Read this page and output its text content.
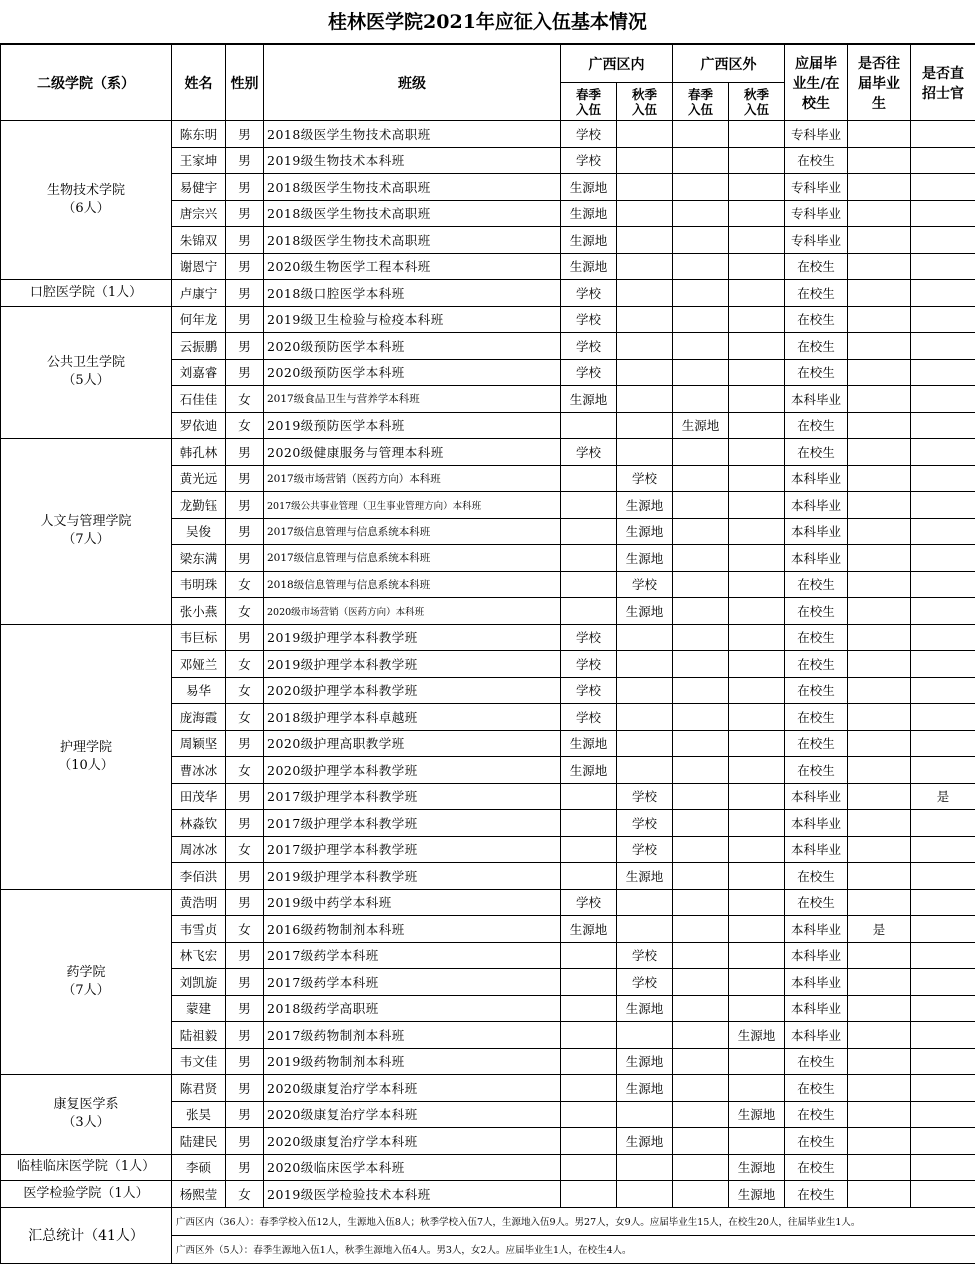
桂林医学院2021年应征入伍基本情况
二级学院（系）	姓名	性别	班级	广西区内		广西区外		应届毕业生/在校生	是否往届毕业生	是否直招士官
				春季入伍	秋季入伍	春季入伍	秋季入伍			

生物技术学院
（6人）	陈东明	男	2018级医学生物技术高职班	学校				专科毕业		
	王家坤	男	2019级生物技术本科班	学校				在校生		
	易健宇	男	2018级医学生物技术高职班	生源地				专科毕业		
	唐宗兴	男	2018级医学生物技术高职班	生源地				专科毕业		
	朱锦双	男	2018级医学生物技术高职班	生源地				专科毕业		
	谢恩宁	男	2020级生物医学工程本科班	生源地				在校生		

口腔医学院（1人）	卢康宁	男	2018级口腔医学本科班	学校				在校生		

公共卫生学院
（5人）	何年龙	男	2019级卫生检验与检疫本科班	学校				在校生		
	云振鹏	男	2020级预防医学本科班	学校				在校生		
	刘嘉睿	男	2020级预防医学本科班	学校				在校生		
	石佳佳	女	2017级食品卫生与营养学本科班	生源地				本科毕业		
	罗依迪	女	2019级预防医学本科班			生源地		在校生		

人文与管理学院
（7人）	韩孔林	男	2020级健康服务与管理本科班	学校				在校生		
	黄光远	男	2017级市场营销（医药方向）本科班		学校			本科毕业		
	龙勤钰	男	2017级公共事业管理（卫生事业管理方向）本科班		生源地			本科毕业		
	吴俊	男	2017级信息管理与信息系统本科班		生源地			本科毕业		
	梁东满	男	2017级信息管理与信息系统本科班		生源地			本科毕业		
	韦明珠	女	2018级信息管理与信息系统本科班		学校			在校生		
	张小燕	女	2020级市场营销（医药方向）本科班		生源地			在校生		

护理学院
（10人）	韦巨标	男	2019级护理学本科教学班	学校				在校生		
	邓娅兰	女	2019级护理学本科教学班	学校				在校生		
	易华	女	2020级护理学本科教学班	学校				在校生		
	庞海霞	女	2018级护理学本科卓越班	学校				在校生		
	周颖坚	男	2020级护理高职教学班	生源地				在校生		
	曹冰冰	女	2020级护理学本科教学班	生源地				在校生		
	田茂华	男	2017级护理学本科教学班		学校			本科毕业		是
	林淼钦	男	2017级护理学本科教学班		学校			本科毕业		
	周冰冰	女	2017级护理学本科教学班		学校			本科毕业		
	李佰洪	男	2019级护理学本科教学班		生源地			在校生		

药学院
（7人）	黄浩明	男	2019级中药学本科班	学校				在校生		
	韦雪贞	女	2016级药物制剂本科班	生源地				本科毕业	是	
	林飞宏	男	2017级药学本科班		学校			本科毕业		
	刘凯旋	男	2017级药学本科班		学校			本科毕业		
	蒙建	男	2018级药学高职班		生源地			本科毕业		
	陆祖毅	男	2017级药物制剂本科班				生源地	本科毕业		
	韦文佳	男	2019级药物制剂本科班		生源地			在校生		

康复医学系
（3人）	陈君贤	男	2020级康复治疗学本科班		生源地			在校生		
	张昊	男	2020级康复治疗学本科班				生源地	在校生		
	陆建民	男	2020级康复治疗学本科班		生源地			在校生		

临桂临床医学院（1人）	李硕	男	2020级临床医学本科班				生源地	在校生		

医学检验学院（1人）	杨熙莹	女	2019级医学检验技术本科班				生源地	在校生		
汇总统计（41人）	广西区内（36人）：春季学校入伍12人，生源地入伍8人；秋季学校入伍7人，生源地入伍9人。男27人，女9人。应届毕业生15人，在校生20人，往届毕业生1人。									
	广西区外（5人）：春季生源地入伍1人，秋季生源地入伍4人。男3人，女2人。应届毕业生1人，在校生4人。									
